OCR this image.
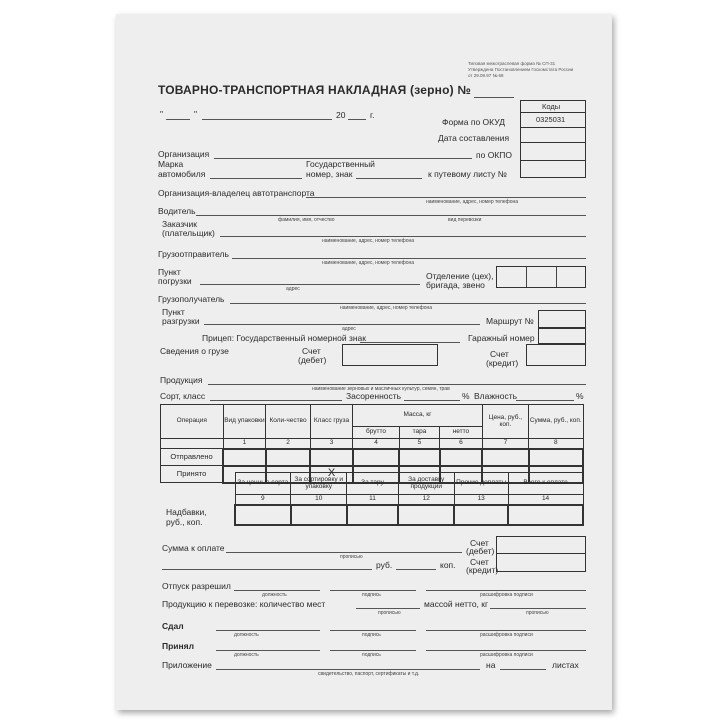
Типовая межотраслевая форма № СП-31
Утверждена Постановлением Госкомстата России
от 29.09.97 № 68
ТОВАРНО-ТРАНСПОРТНАЯ НАКЛАДНАЯ (зерно) №
"	"	20	г.
Коды
0325031
Форма по ОКУД
Дата составления
Организация	по ОКПО
Марка
автомобиля
Государственный
номер, знак	к путевому листу №
Организация-владелец автотранспорта
наименование, адрес, номер телефона
Водитель
фамилия, имя, отчество	вид перевозки
Заказчик
(плательщик)
наименование, адрес, номер телефона
Грузоотправитель
наименование, адрес, номер телефона
Пункт
погрузки
адрес
Отделение (цех),
бригада, звено
Грузополучатель
наименование, адрес, номер телефона
Пункт
разгрузки
адрес
Маршрут №
Прицеп: Государственный номерной знак	Гаражный номер
Сведения о грузе	Счет
(дебет)
Счет
(кредит)
Продукция
наименование зерновых и масличных культур, семян, трав
Сорт, класс	Засоренность	% Влажность	%
Операция	Вид упаковки	Коли-чество	Класс груза	Масса, кг			Цена, руб., коп.	Сумма, руб., коп.
				брутто	тара	нетто		
	1	2	3	4	5	6	7	8
Отправлено								
Принято			X					
Надбавки,
руб., коп.
За ценные сорта	За сортировку и упаковку	За тару	За доставку продукции	Прочие доплаты	Всего к оплате
9	10	11	12	13	14

Сумма к оплате
прописью
Счет
(дебет)
Счет
(кредит)
руб.	коп.
Отпуск разрешил
должность	подпись	расшифровка подписи
Продукцию к перевозке: количество мест
прописью
массой нетто, кг
прописью
Сдал
должность	подпись	расшифровка подписи
Принял
должность	подпись	расшифровка подписи
Приложение
свидетельство, паспорт, сертификаты и т.д.
на	листах
